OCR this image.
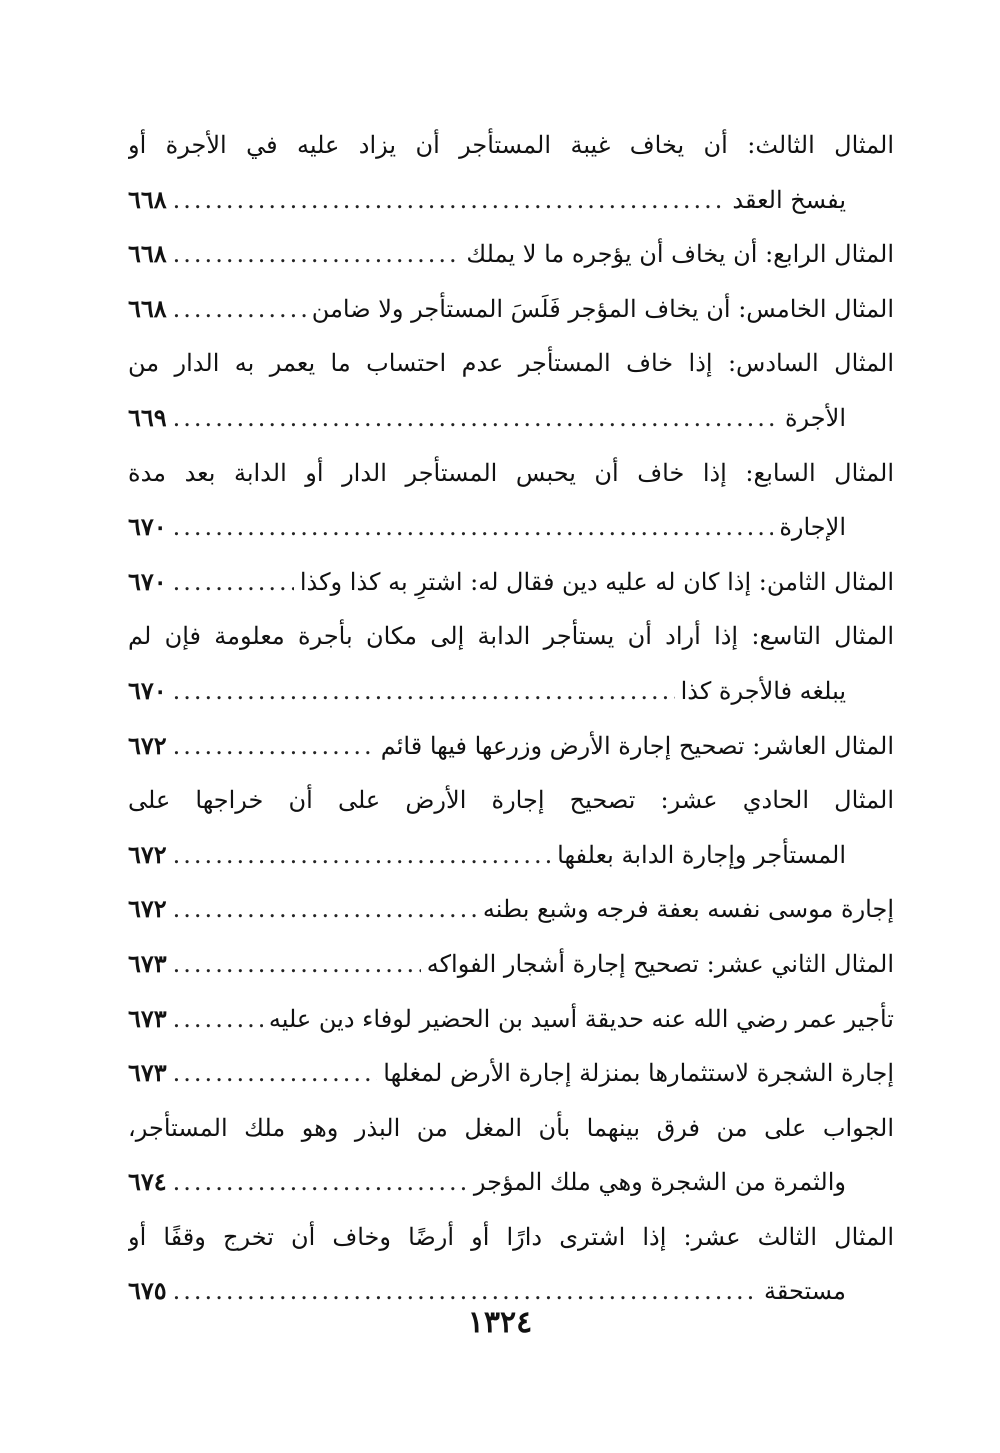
المثال الثالث: أن يخاف غيبة المستأجر أن يزاد عليه في الأجرة أو
يفسخ العقد
.....
٦٦٨
المثال الرابع: أن يخاف أن يؤجره ما لا يملك
.....
٦٦٨
المثال الخامس: أن يخاف المؤجر فَلَسَ المستأجر ولا ضامن
.....
٦٦٨
المثال السادس: إذا خاف المستأجر عدم احتساب ما يعمر به الدار من
الأجرة
.....
٦٦٩
المثال السابع: إذا خاف أن يحبس المستأجر الدار أو الدابة بعد مدة
الإجارة
.....
٦٧٠
المثال الثامن: إذا كان له عليه دين فقال له: اشترِ به كذا وكذا
.....
٦٧٠
المثال التاسع: إذا أراد أن يستأجر الدابة إلى مكان بأجرة معلومة فإن لم
يبلغه فالأجرة كذا
.....
٦٧٠
المثال العاشر: تصحيح إجارة الأرض وزرعها فيها قائم
.....
٦٧٢
المثال الحادي عشر: تصحيح إجارة الأرض على أن خراجها على
المستأجر وإجارة الدابة بعلفها
.....
٦٧٢
إجارة موسى نفسه بعفة فرجه وشبع بطنه
.....
٦٧٢
المثال الثاني عشر: تصحيح إجارة أشجار الفواكه
.....
٦٧٣
تأجير عمر رضي الله عنه حديقة أسيد بن الحضير لوفاء دين عليه
.....
٦٧٣
إجارة الشجرة لاستثمارها بمنزلة إجارة الأرض لمغلها
.....
٦٧٣
الجواب على من فرق بينهما بأن المغل من البذر وهو ملك المستأجر،
والثمرة من الشجرة وهي ملك المؤجر
.....
٦٧٤
المثال الثالث عشر: إذا اشترى دارًا أو أرضًا وخاف أن تخرج وقفًا أو
مستحقة
.....
٦٧٥
١٣٢٤
